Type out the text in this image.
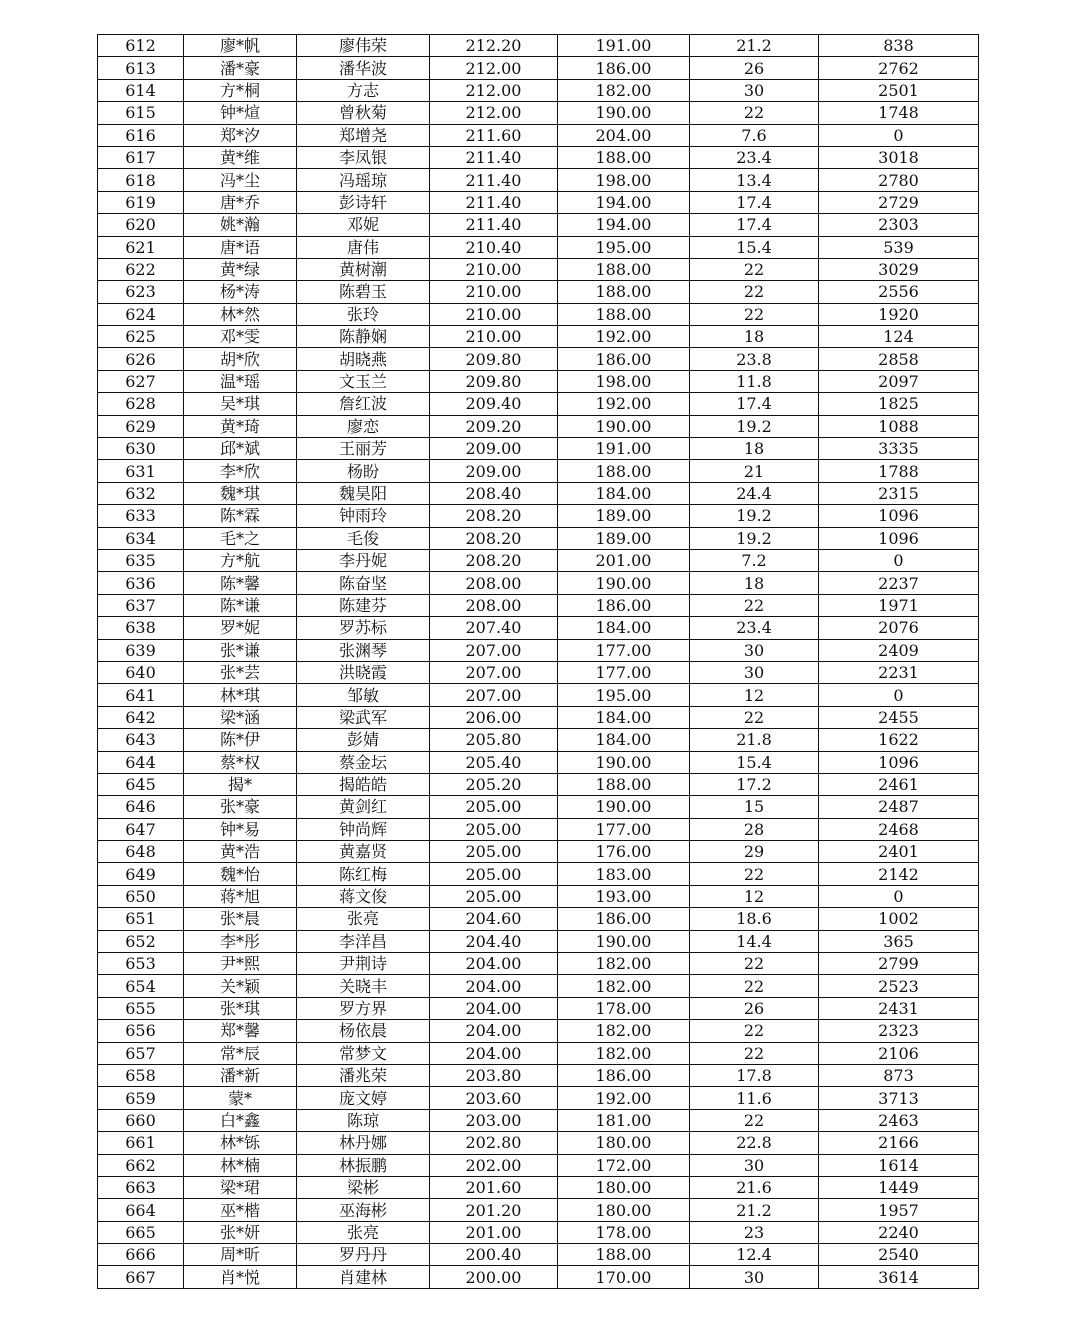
612	廖*帆	廖伟荣	212.20	191.00	21.2	838
613	潘*豪	潘华波	212.00	186.00	26	2762
614	方*桐	方志	212.00	182.00	30	2501
615	钟*煊	曾秋菊	212.00	190.00	22	1748
616	郑*汐	郑增尧	211.60	204.00	7.6	0
617	黄*维	李凤银	211.40	188.00	23.4	3018
618	冯*尘	冯瑶琼	211.40	198.00	13.4	2780
619	唐*乔	彭诗轩	211.40	194.00	17.4	2729
620	姚*瀚	邓妮	211.40	194.00	17.4	2303
621	唐*语	唐伟	210.40	195.00	15.4	539
622	黄*绿	黄树潮	210.00	188.00	22	3029
623	杨*涛	陈碧玉	210.00	188.00	22	2556
624	林*然	张玲	210.00	188.00	22	1920
625	邓*雯	陈静娴	210.00	192.00	18	124
626	胡*欣	胡晓燕	209.80	186.00	23.8	2858
627	温*瑶	文玉兰	209.80	198.00	11.8	2097
628	吴*琪	詹红波	209.40	192.00	17.4	1825
629	黄*琦	廖恋	209.20	190.00	19.2	1088
630	邱*斌	王丽芳	209.00	191.00	18	3335
631	李*欣	杨盼	209.00	188.00	21	1788
632	魏*琪	魏昊阳	208.40	184.00	24.4	2315
633	陈*霖	钟雨玲	208.20	189.00	19.2	1096
634	毛*之	毛俊	208.20	189.00	19.2	1096
635	方*航	李丹妮	208.20	201.00	7.2	0
636	陈*馨	陈奋坚	208.00	190.00	18	2237
637	陈*谦	陈建芬	208.00	186.00	22	1971
638	罗*妮	罗苏标	207.40	184.00	23.4	2076
639	张*谦	张渊琴	207.00	177.00	30	2409
640	张*芸	洪晓霞	207.00	177.00	30	2231
641	林*琪	邹敏	207.00	195.00	12	0
642	梁*涵	梁武军	206.00	184.00	22	2455
643	陈*伊	彭婧	205.80	184.00	21.8	1622
644	蔡*权	蔡金坛	205.40	190.00	15.4	1096
645	揭*	揭皓皓	205.20	188.00	17.2	2461
646	张*豪	黄剑红	205.00	190.00	15	2487
647	钟*易	钟尚辉	205.00	177.00	28	2468
648	黄*浩	黄嘉贤	205.00	176.00	29	2401
649	魏*怡	陈红梅	205.00	183.00	22	2142
650	蒋*旭	蒋文俊	205.00	193.00	12	0
651	张*晨	张亮	204.60	186.00	18.6	1002
652	李*彤	李洋昌	204.40	190.00	14.4	365
653	尹*熙	尹荆诗	204.00	182.00	22	2799
654	关*颖	关晓丰	204.00	182.00	22	2523
655	张*琪	罗方界	204.00	178.00	26	2431
656	郑*馨	杨依晨	204.00	182.00	22	2323
657	常*辰	常梦文	204.00	182.00	22	2106
658	潘*新	潘兆荣	203.80	186.00	17.8	873
659	蒙*	庞文婷	203.60	192.00	11.6	3713
660	白*鑫	陈琼	203.00	181.00	22	2463
661	林*铄	林丹娜	202.80	180.00	22.8	2166
662	林*楠	林振鹏	202.00	172.00	30	1614
663	梁*珺	梁彬	201.60	180.00	21.6	1449
664	巫*楷	巫海彬	201.20	180.00	21.2	1957
665	张*妍	张亮	201.00	178.00	23	2240
666	周*昕	罗丹丹	200.40	188.00	12.4	2540
667	肖*悦	肖建林	200.00	170.00	30	3614
